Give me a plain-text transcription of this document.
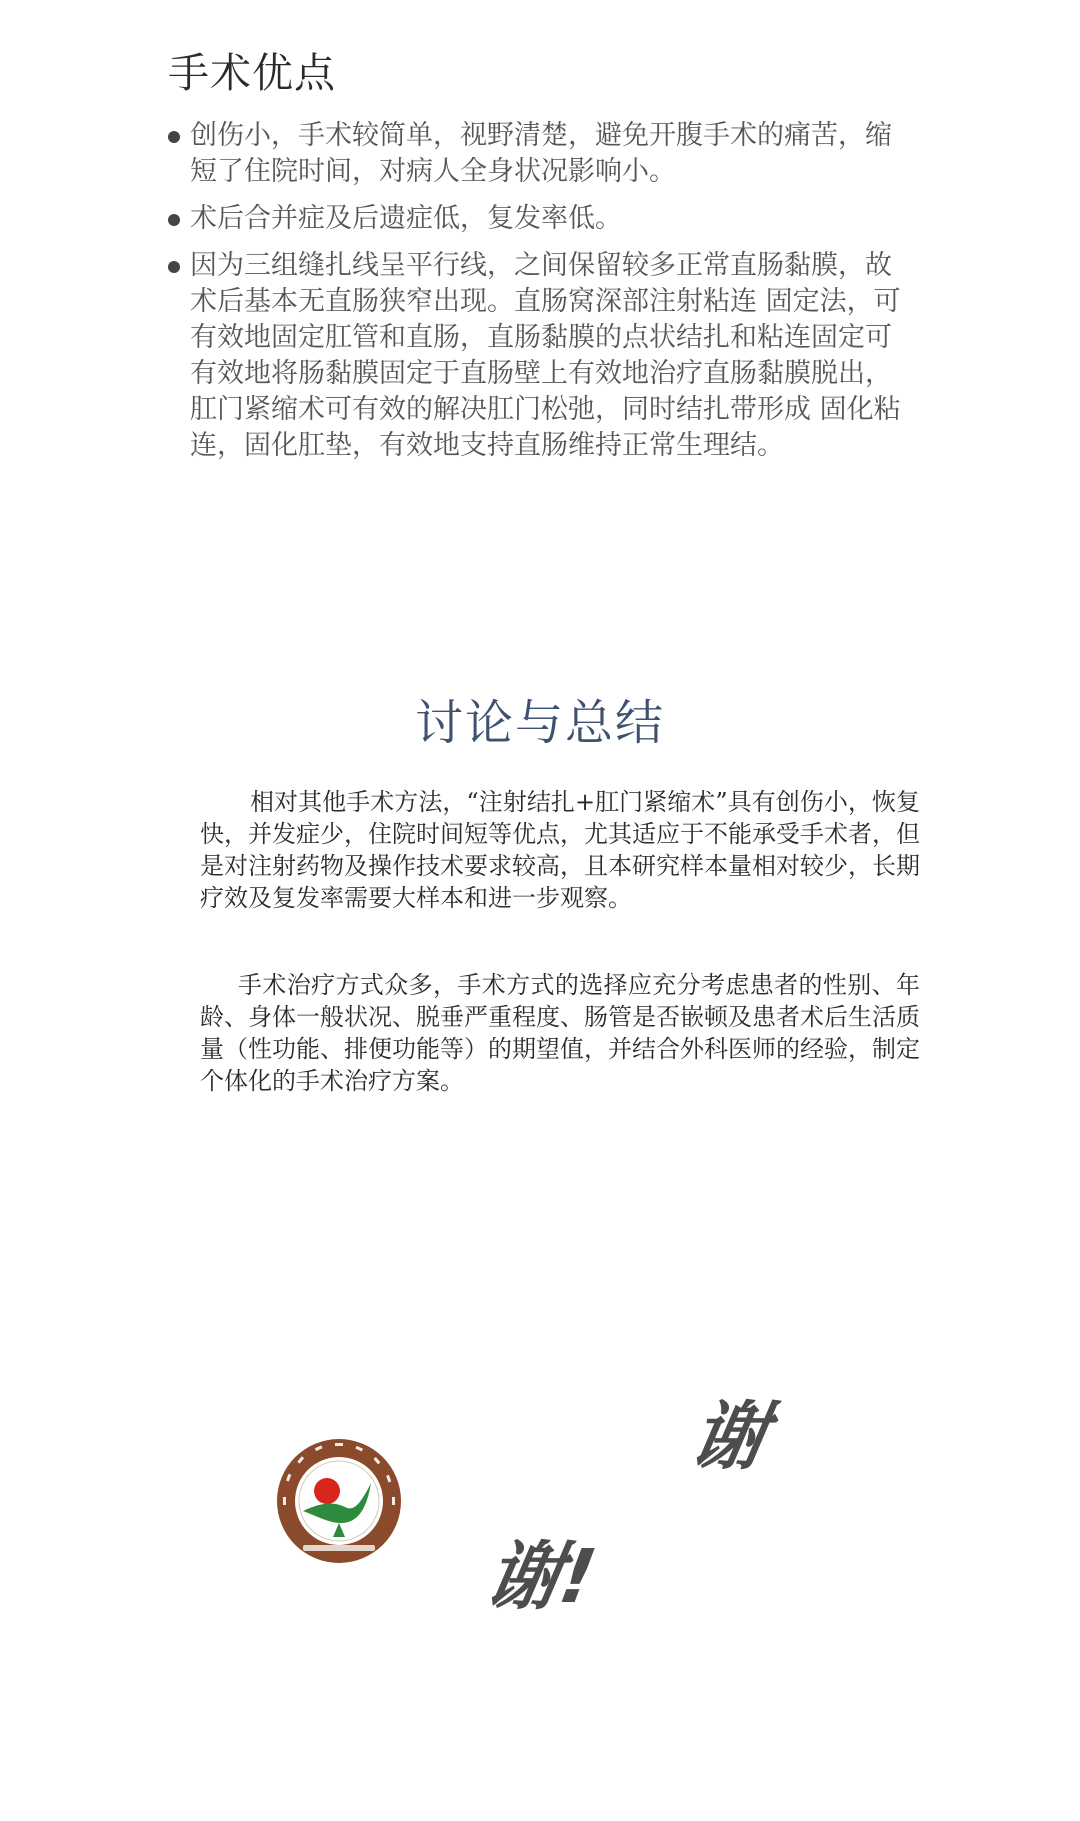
手术优点
创伤小，手术较简单，视野清楚，避免开腹手术的痛苦，缩短了住院时间，对病人全身状况影响小。
术后合并症及后遗症低，复发率低。
因为三组缝扎线呈平行线，之间保留较多正常直肠黏膜，故术后基本无直肠狭窄出现。直肠窝深部注射粘连 固定法，可有效地固定肛管和直肠，直肠黏膜的点状结扎和粘连固定可有效地将肠黏膜固定于直肠壁上有效地治疗直肠黏膜脱出，肛门紧缩术可有效的解决肛门松弛，同时结扎带形成 固化粘连，固化肛垫，有效地支持直肠维持正常生理结。
讨论与总结

相对其他手术方法，“注射结扎+肛门紧缩术”具有创伤小，恢复快，并发症少，住院时间短等优点，尤其适应于不能承受手术者，但是对注射药物及操作技术要求较高，且本研究样本量相对较少，长期疗效及复发率需要大样本和进一步观察。

手术治疗方式众多，手术方式的选择应充分考虑患者的性别、年龄、身体一般状况、脱垂严重程度、肠管是否嵌顿及患者术后生活质量（性功能、排便功能等）的期望值，并结合外科医师的经验，制定个体化的手术治疗方案。

谢
谢!
